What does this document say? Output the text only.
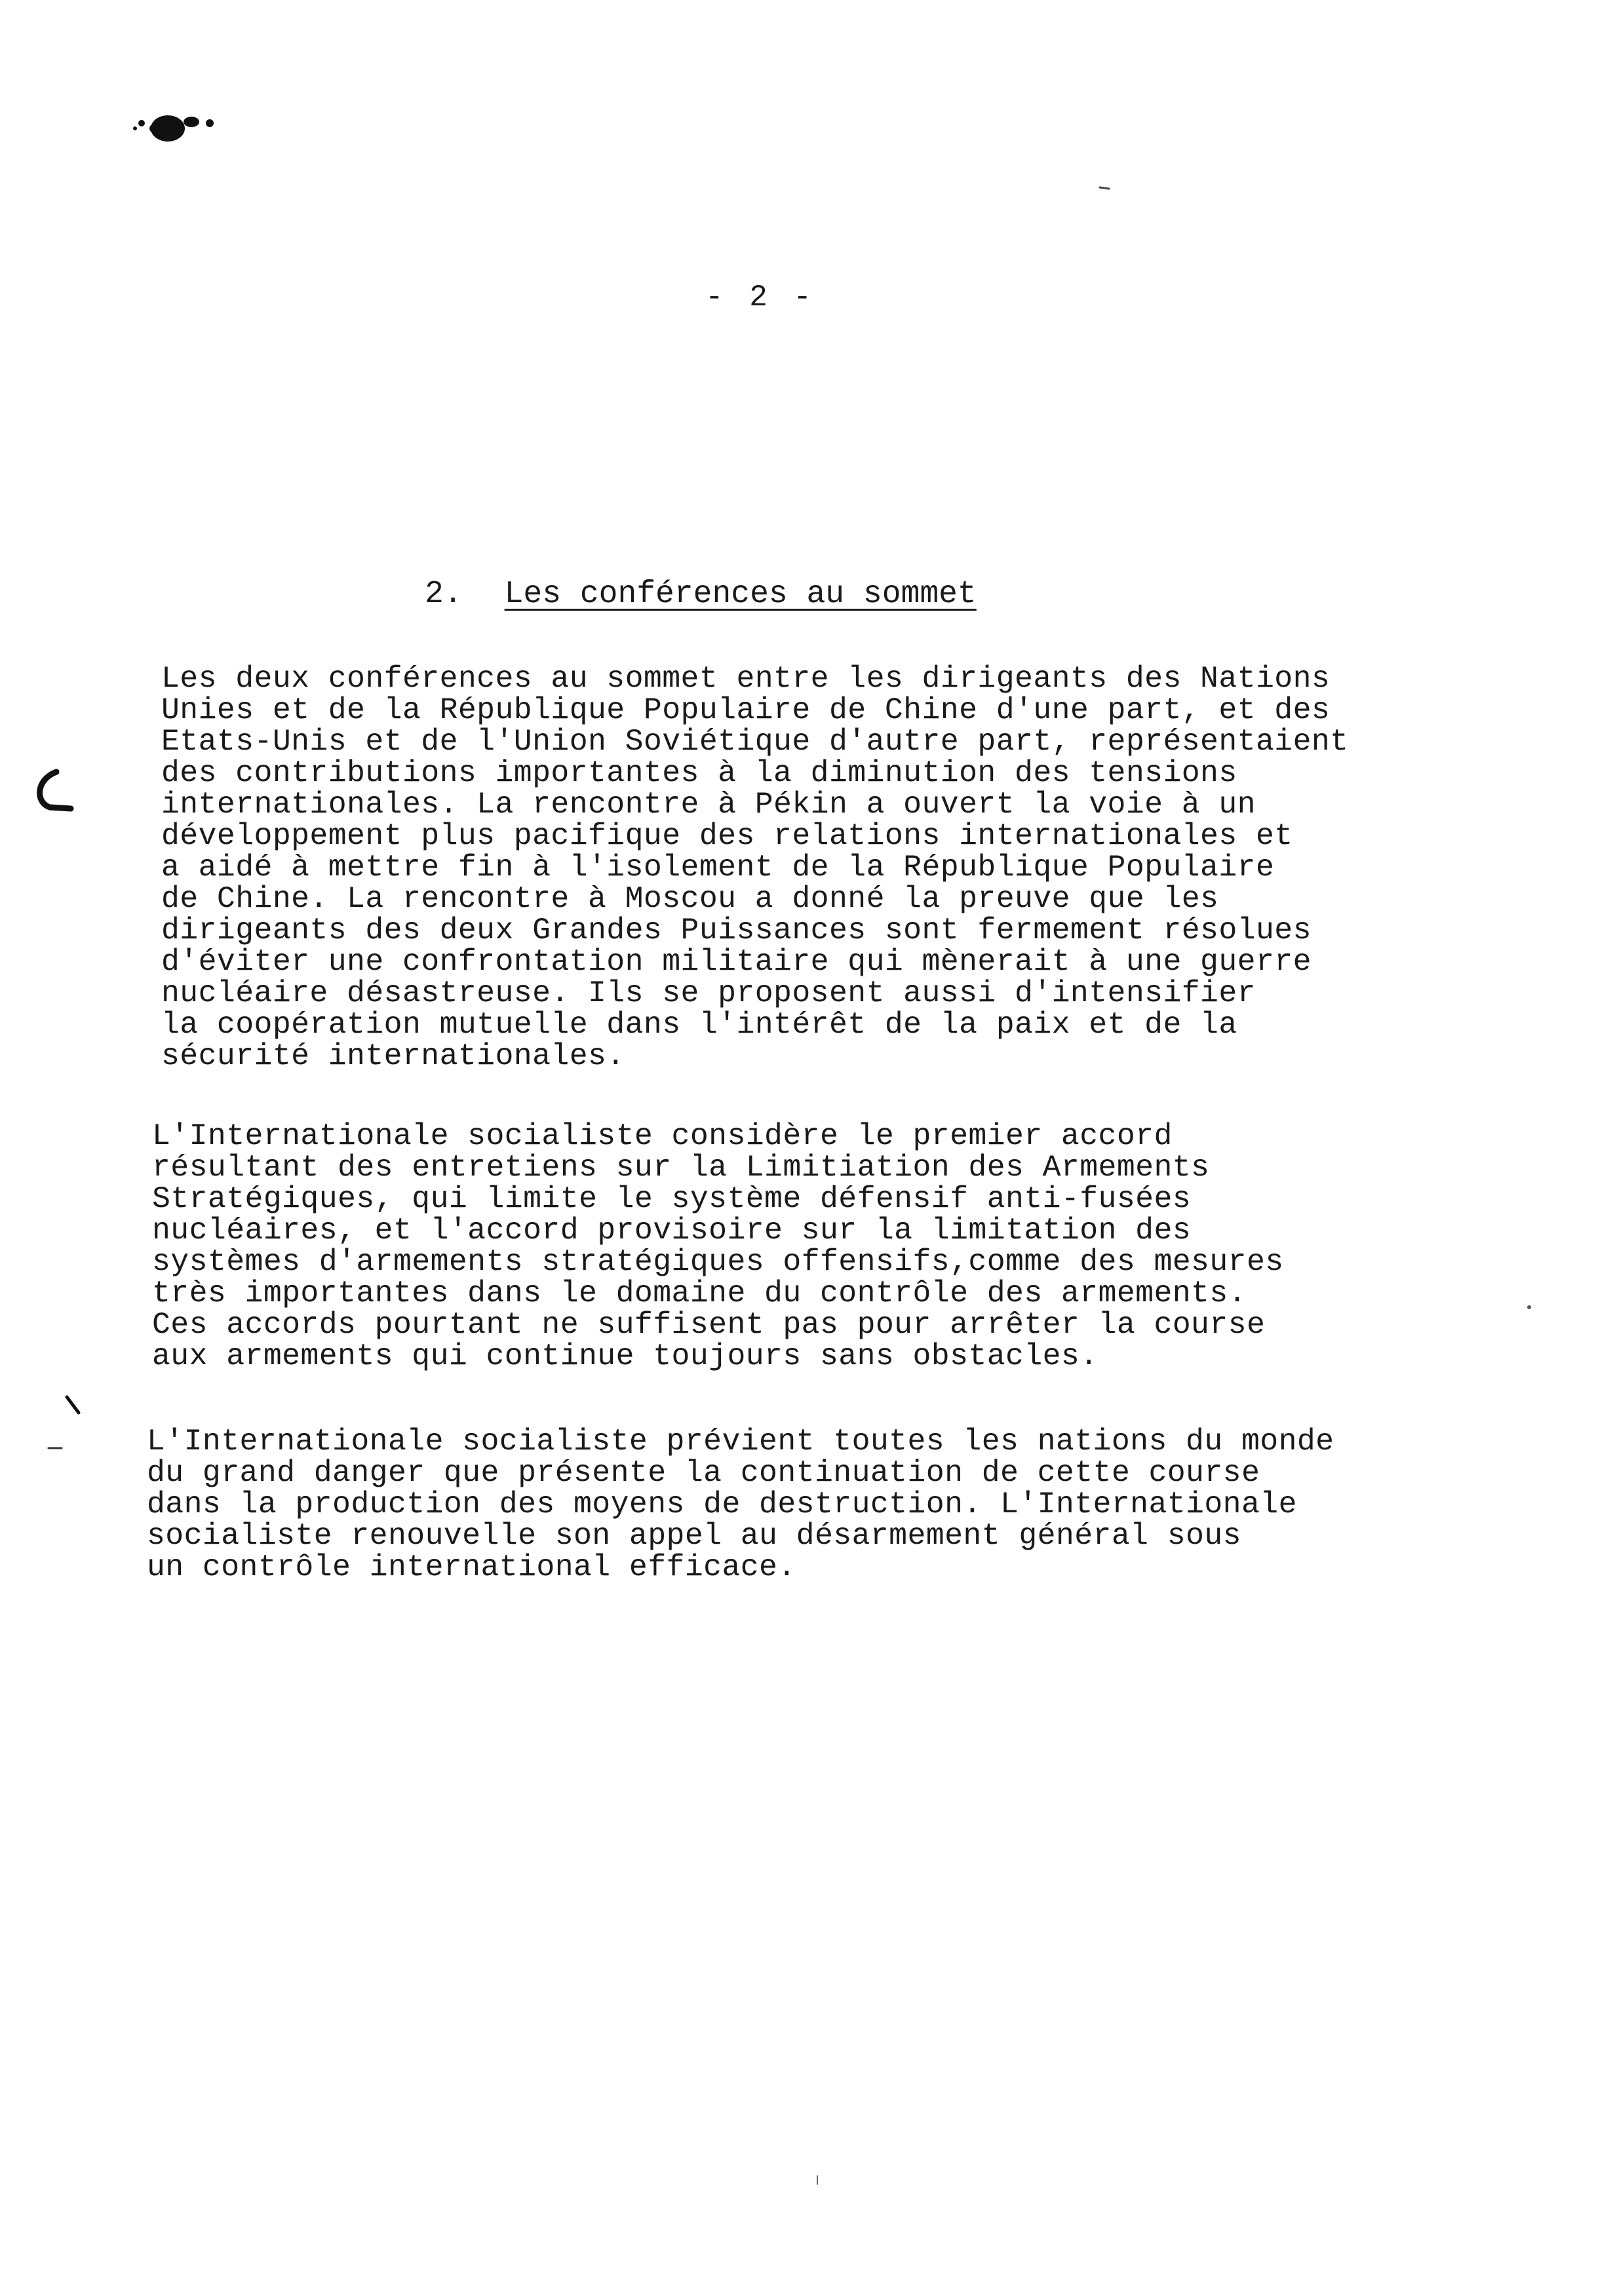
- 2 -
2. Les conférences au sommet
Les deux conférences au sommet entre les dirigeants des Nations
Unies et de la République Populaire de Chine d'une part, et des
Etats-Unis et de l'Union Soviétique d'autre part, représentaient
des contributions importantes à la diminution des tensions
internationales. La rencontre à Pékin a ouvert la voie à un
développement plus pacifique des relations internationales et
a aidé à mettre fin à l'isolement de la République Populaire
de Chine. La rencontre à Moscou a donné la preuve que les
dirigeants des deux Grandes Puissances sont fermement résolues
d'éviter une confrontation militaire qui mènerait à une guerre
nucléaire désastreuse. Ils se proposent aussi d'intensifier
la coopération mutuelle dans l'intérêt de la paix et de la
sécurité internationales.
L'Internationale socialiste considère le premier accord
résultant des entretiens sur la Limitiation des Armements
Stratégiques, qui limite le système défensif anti-fusées
nucléaires, et l'accord provisoire sur la limitation des
systèmes d'armements stratégiques offensifs,comme des mesures
très importantes dans le domaine du contrôle des armements.
Ces accords pourtant ne suffisent pas pour arrêter la course
aux armements qui continue toujours sans obstacles.
L'Internationale socialiste prévient toutes les nations du monde
du grand danger que présente la continuation de cette course
dans la production des moyens de destruction. L'Internationale
socialiste renouvelle son appel au désarmement général sous
un contrôle international efficace.
